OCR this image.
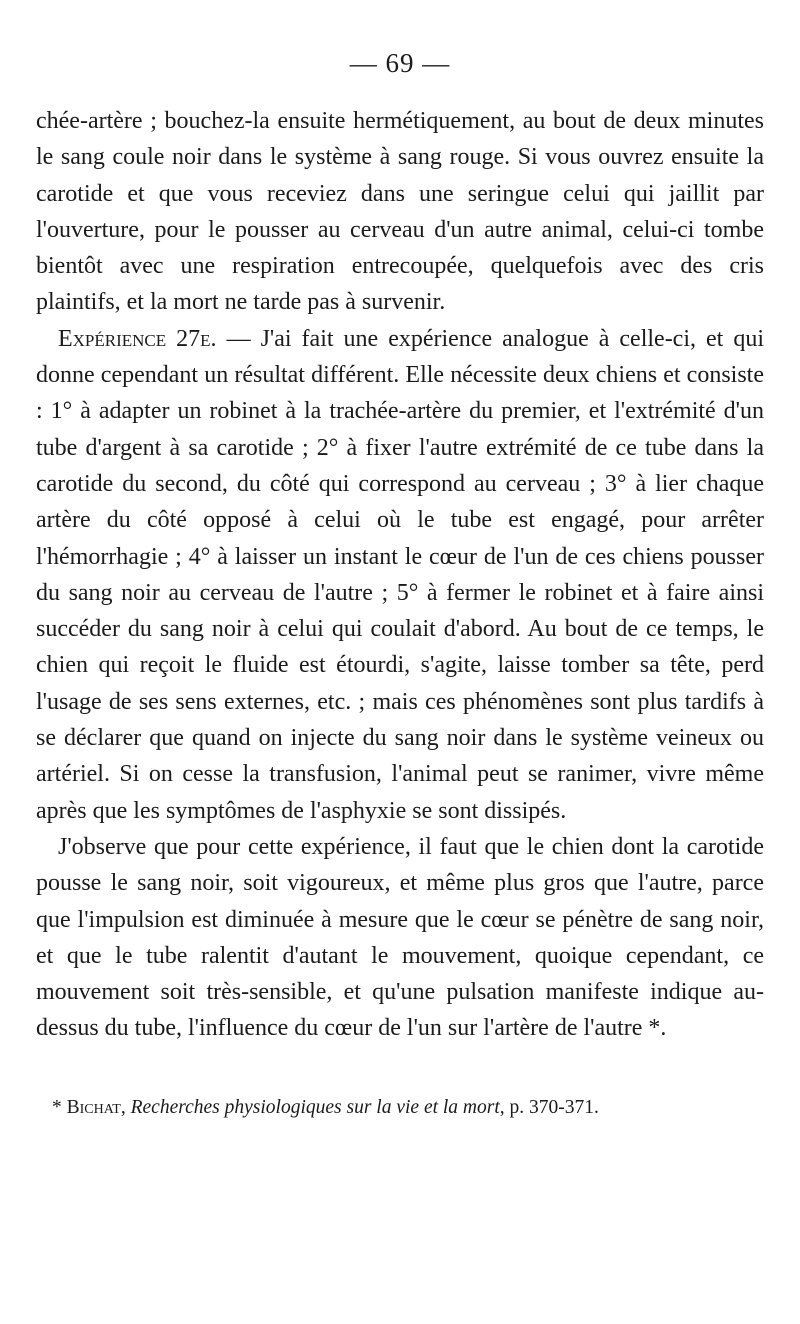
— 69 —

chée-artère ; bouchez-la ensuite hermétiquement, au bout de deux minutes le sang coule noir dans le système à sang rouge. Si vous ouvrez ensuite la carotide et que vous receviez dans une seringue celui qui jaillit par l'ouverture, pour le pousser au cerveau d'un autre animal, celui-ci tombe bientôt avec une respiration entrecoupée, quelquefois avec des cris plaintifs, et la mort ne tarde pas à survenir.

Expérience 27e. — J'ai fait une expérience analogue à celle-ci, et qui donne cependant un résultat différent. Elle nécessite deux chiens et consiste : 1° à adapter un robinet à la trachée-artère du premier, et l'extrémité d'un tube d'argent à sa carotide ; 2° à fixer l'autre extrémité de ce tube dans la carotide du second, du côté qui correspond au cerveau ; 3° à lier chaque artère du côté opposé à celui où le tube est engagé, pour arrêter l'hémorrhagie ; 4° à laisser un instant le cœur de l'un de ces chiens pousser du sang noir au cerveau de l'autre ; 5° à fermer le robinet et à faire ainsi succéder du sang noir à celui qui coulait d'abord. Au bout de ce temps, le chien qui reçoit le fluide est étourdi, s'agite, laisse tomber sa tête, perd l'usage de ses sens externes, etc. ; mais ces phénomènes sont plus tardifs à se déclarer que quand on injecte du sang noir dans le système veineux ou artériel. Si on cesse la transfusion, l'animal peut se ranimer, vivre même après que les symptômes de l'asphyxie se sont dissipés.

J'observe que pour cette expérience, il faut que le chien dont la carotide pousse le sang noir, soit vigoureux, et même plus gros que l'autre, parce que l'impulsion est diminuée à mesure que le cœur se pénètre de sang noir, et que le tube ralentit d'autant le mouvement, quoique cependant, ce mouvement soit très-sensible, et qu'une pulsation manifeste indique au-dessus du tube, l'influence du cœur de l'un sur l'artère de l'autre *.

* Bichat, Recherches physiologiques sur la vie et la mort, p. 370-371.
